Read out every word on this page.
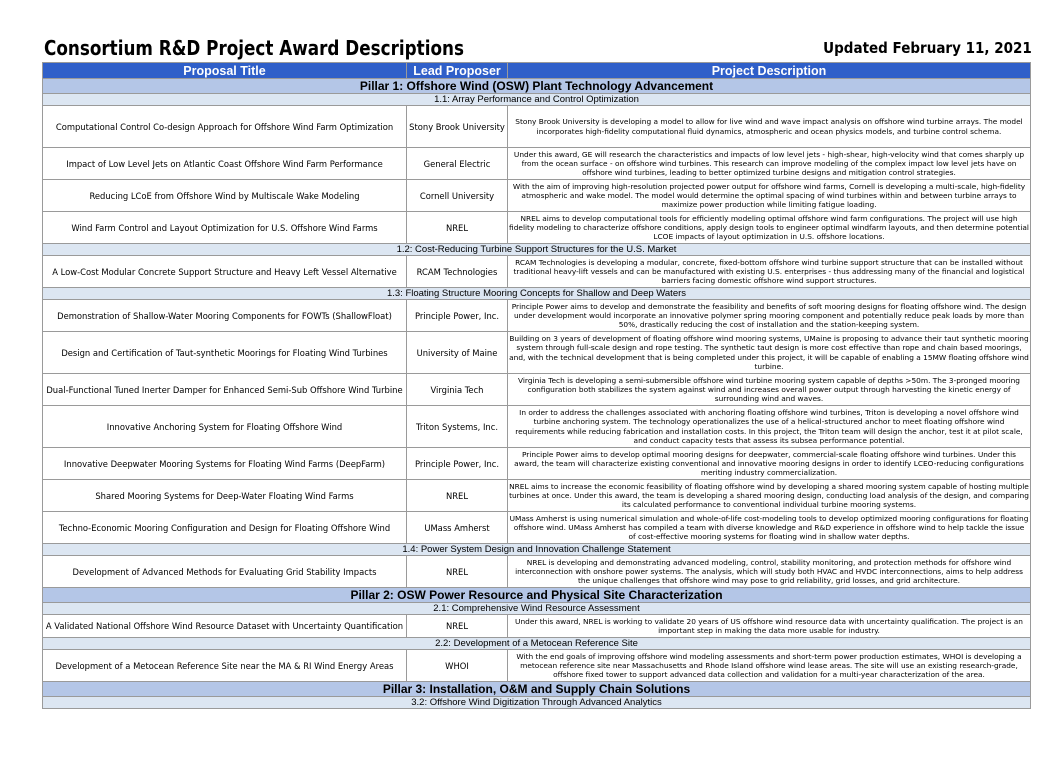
Consortium R&D Project Award Descriptions	Updated February 11, 2021
Proposal Title	Lead Proposer	Project Description
Pillar 1: Offshore Wind (OSW) Plant Technology Advancement		
1.1: Array Performance and Control Optimization		
Computational Control Co-design Approach for Offshore Wind Farm Optimization	Stony Brook University	Stony Brook University is developing a model to allow for live wind and wave impact analysis on offshore wind turbine arrays. The model incorporates high-fidelity computational fluid dynamics, atmospheric and ocean physics models, and turbine control schema.
Impact of Low Level Jets on Atlantic Coast Offshore Wind Farm Performance	General Electric	Under this award, GE will research the characteristics and impacts of low level jets - high-shear, high-velocity wind that comes sharply up from the ocean surface - on offshore wind turbines. This research can improve modeling of the complex impact low level jets have on offshore wind turbines, leading to better optimized turbine designs and mitigation control strategies.
Reducing LCoE from Offshore Wind by Multiscale Wake Modeling	Cornell University	With the aim of improving high-resolution projected power output for offshore wind farms, Cornell is developing a multi-scale, high-fidelity atmospheric and wake model. The model would determine the optimal spacing of wind turbines within and between turbine arrays to maximize power production while limiting fatigue loading.
Wind Farm Control and Layout Optimization for U.S. Offshore Wind Farms	NREL	NREL aims to develop computational tools for efficiently modeling optimal offshore wind farm configurations. The project will use high fidelity modeling to characterize offshore conditions, apply design tools to engineer optimal windfarm layouts, and then determine potential LCOE impacts of layout optimization in U.S. offshore locations.
1.2: Cost-Reducing Turbine Support Structures for the U.S. Market		
A Low-Cost Modular Concrete Support Structure and Heavy Left Vessel Alternative	RCAM Technologies	RCAM Technologies is developing a modular, concrete, fixed-bottom offshore wind turbine support structure that can be installed without traditional heavy-lift vessels and can be manufactured with existing U.S. enterprises - thus addressing many of the financial and logistical barriers facing domestic offshore wind support structures.
1.3: Floating Structure Mooring Concepts for Shallow and Deep Waters		
Demonstration of Shallow-Water Mooring Components for FOWTs (ShallowFloat)	Principle Power, Inc.	Principle Power aims to develop and demonstrate the feasibility and benefits of soft mooring designs for floating offshore wind. The design under development would incorporate an innovative polymer spring mooring component and potentially reduce peak loads by more than 50%, drastically reducing the cost of installation and the station-keeping system.
Design and Certification of Taut-synthetic Moorings for Floating Wind Turbines	University of Maine	Building on 3 years of development of floating offshore wind mooring systems, UMaine is proposing to advance their taut synthetic mooring system through full-scale design and rope testing. The synthetic taut design is more cost effective than rope and chain based moorings, and, with the technical development that is being completed under this project, it will be capable of enabling a 15MW floating offshore wind turbine.
Dual-Functional Tuned Inerter Damper for Enhanced Semi-Sub Offshore Wind Turbine	Virginia Tech	Virginia Tech is developing a semi-submersible offshore wind turbine mooring system capable of depths >50m. The 3-pronged mooring configuration both stabilizes the system against wind and increases overall power output through harvesting the kinetic energy of surrounding wind and waves.
Innovative Anchoring System for Floating Offshore Wind	Triton Systems, Inc.	In order to address the challenges associated with anchoring floating offshore wind turbines, Triton is developing a novel offshore wind turbine anchoring system. The technology operationalizes the use of a helical-structured anchor to meet floating offshore wind requirements while reducing fabrication and installation costs. In this project, the Triton team will design the anchor, test it at pilot scale, and conduct capacity tests that assess its subsea performance potential.
Innovative Deepwater Mooring Systems for Floating Wind Farms (DeepFarm)	Principle Power, Inc.	Principle Power aims to develop optimal mooring designs for deepwater, commercial-scale floating offshore wind turbines. Under this award, the team will characterize existing conventional and innovative mooring designs in order to identify LCEO-reducing configurations meriting industry commercialization.
Shared Mooring Systems for Deep-Water Floating Wind Farms	NREL	NREL aims to increase the economic feasibility of floating offshore wind by developing a shared mooring system capable of hosting multiple turbines at once. Under this award, the team is developing a shared mooring design, conducting load analysis of the design, and comparing its calculated performance to conventional individual turbine mooring systems.
Techno-Economic Mooring Configuration and Design for Floating Offshore Wind	UMass Amherst	UMass Amherst is using numerical simulation and whole-of-life cost-modeling tools to develop optimized mooring configurations for floating offshore wind. UMass Amherst has compiled a team with diverse knowledge and R&D experience in offshore wind to help tackle the issue of cost-effective mooring systems for floating wind in shallow water depths.
1.4: Power System Design and Innovation Challenge Statement		
Development of Advanced Methods for Evaluating Grid Stability Impacts	NREL	NREL is developing and demonstrating advanced modeling, control, stability monitoring, and protection methods for offshore wind interconnection with onshore power systems. The analysis, which will study both HVAC and HVDC interconnections, aims to help address the unique challenges that offshore wind may pose to grid reliability, grid losses, and grid architecture.
Pillar 2: OSW Power Resource and Physical Site Characterization		
2.1: Comprehensive Wind Resource Assessment		
A Validated National Offshore Wind Resource Dataset with Uncertainty Quantification	NREL	Under this award, NREL is working to validate 20 years of US offshore wind resource data with uncertainty qualification. The project is an important step in making the data more usable for industry.
2.2: Development of a Metocean Reference Site		
Development of a Metocean Reference Site near the MA & RI Wind Energy Areas	WHOI	With the end goals of improving offshore wind modeling assessments and short-term power production estimates, WHOI is developing a metocean reference site near Massachusetts and Rhode Island offshore wind lease areas. The site will use an existing research-grade, offshore fixed tower to support advanced data collection and validation for a multi-year characterization of the area.
Pillar 3: Installation, O&M and Supply Chain Solutions		
3.2: Offshore Wind Digitization Through Advanced Analytics		
